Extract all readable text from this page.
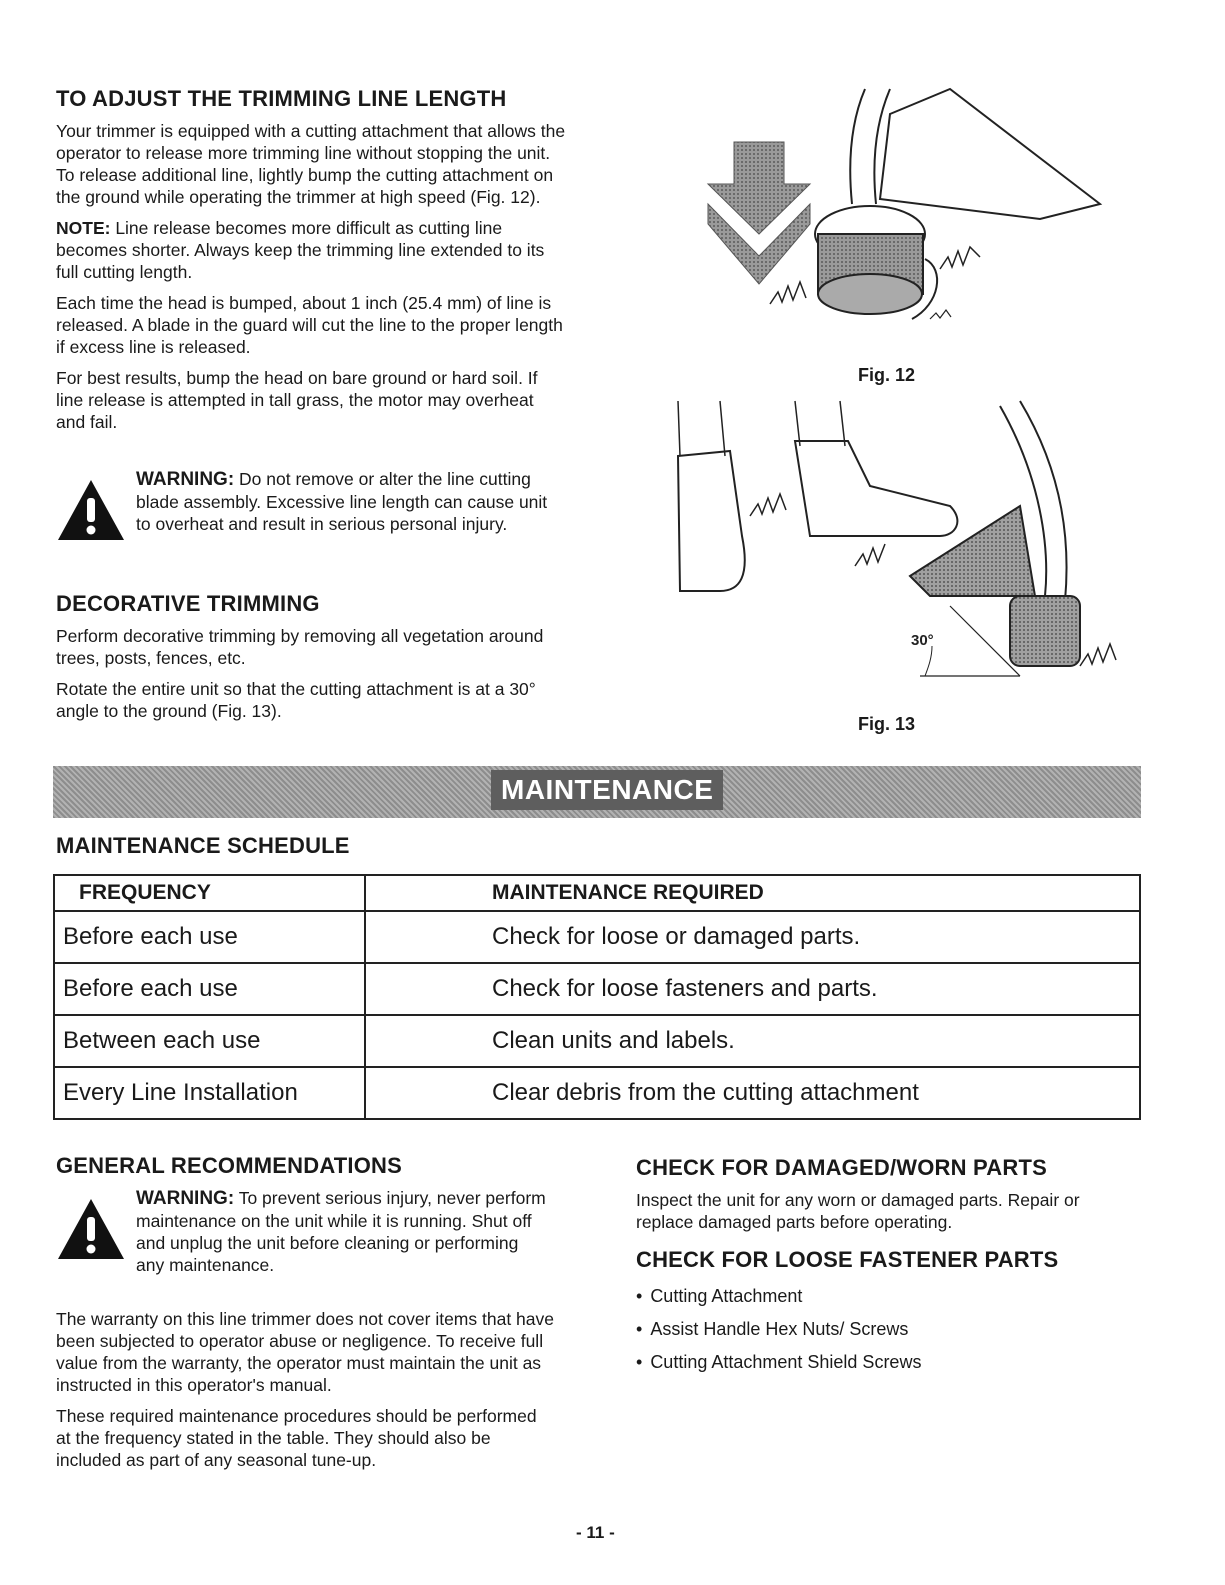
TO ADJUST THE TRIMMING LINE LENGTH

Your trimmer is equipped with a cutting attachment that allows the operator to release more trimming line without stopping the unit. To release additional line, lightly bump the cutting attachment on the ground while operating the trimmer at high speed (Fig. 12).

NOTE: Line release becomes more difficult as cutting line becomes shorter. Always keep the trimming line extended to its full cutting length.

Each time the head is bumped, about 1 inch (25.4 mm) of line is released. A blade in the guard will cut the line to the proper length if excess line is released.

For best results, bump the head on bare ground or hard soil. If line release is attempted in tall grass, the motor may overheat and fail.

WARNING: Do not remove or alter the line cutting blade assembly. Excessive line length can cause unit to overheat and result in serious personal injury.
DECORATIVE TRIMMING

Perform decorative trimming by removing all vegetation around trees, posts, fences, etc.

Rotate the entire unit so that the cutting attachment is at a 30° angle to the ground (Fig. 13).

Fig. 12
30°
Fig. 13
MAINTENANCE
MAINTENANCE SCHEDULE
FREQUENCY	MAINTENANCE REQUIRED
Before each use	Check for loose or damaged parts.
Before each use	Check for loose fasteners and parts.
Between each use	Clean units and labels.
Every Line Installation	Clear debris from the cutting attachment
GENERAL RECOMMENDATIONS
WARNING: To prevent serious injury, never perform maintenance on the unit while it is running. Shut off and unplug the unit before cleaning or performing any maintenance.

The warranty on this line trimmer does not cover items that have been subjected to operator abuse or negligence. To receive full value from the warranty, the operator must maintain the unit as instructed in this operator's manual.

These required maintenance procedures should be performed at the frequency stated in the table. They should also be included as part of any seasonal tune-up.

CHECK FOR DAMAGED/WORN PARTS

Inspect the unit for any worn or damaged parts. Repair or replace damaged parts before operating.

CHECK FOR LOOSE FASTENER PARTS
• Cutting Attachment
• Assist Handle Hex Nuts/ Screws
• Cutting Attachment Shield Screws
- 11 -
